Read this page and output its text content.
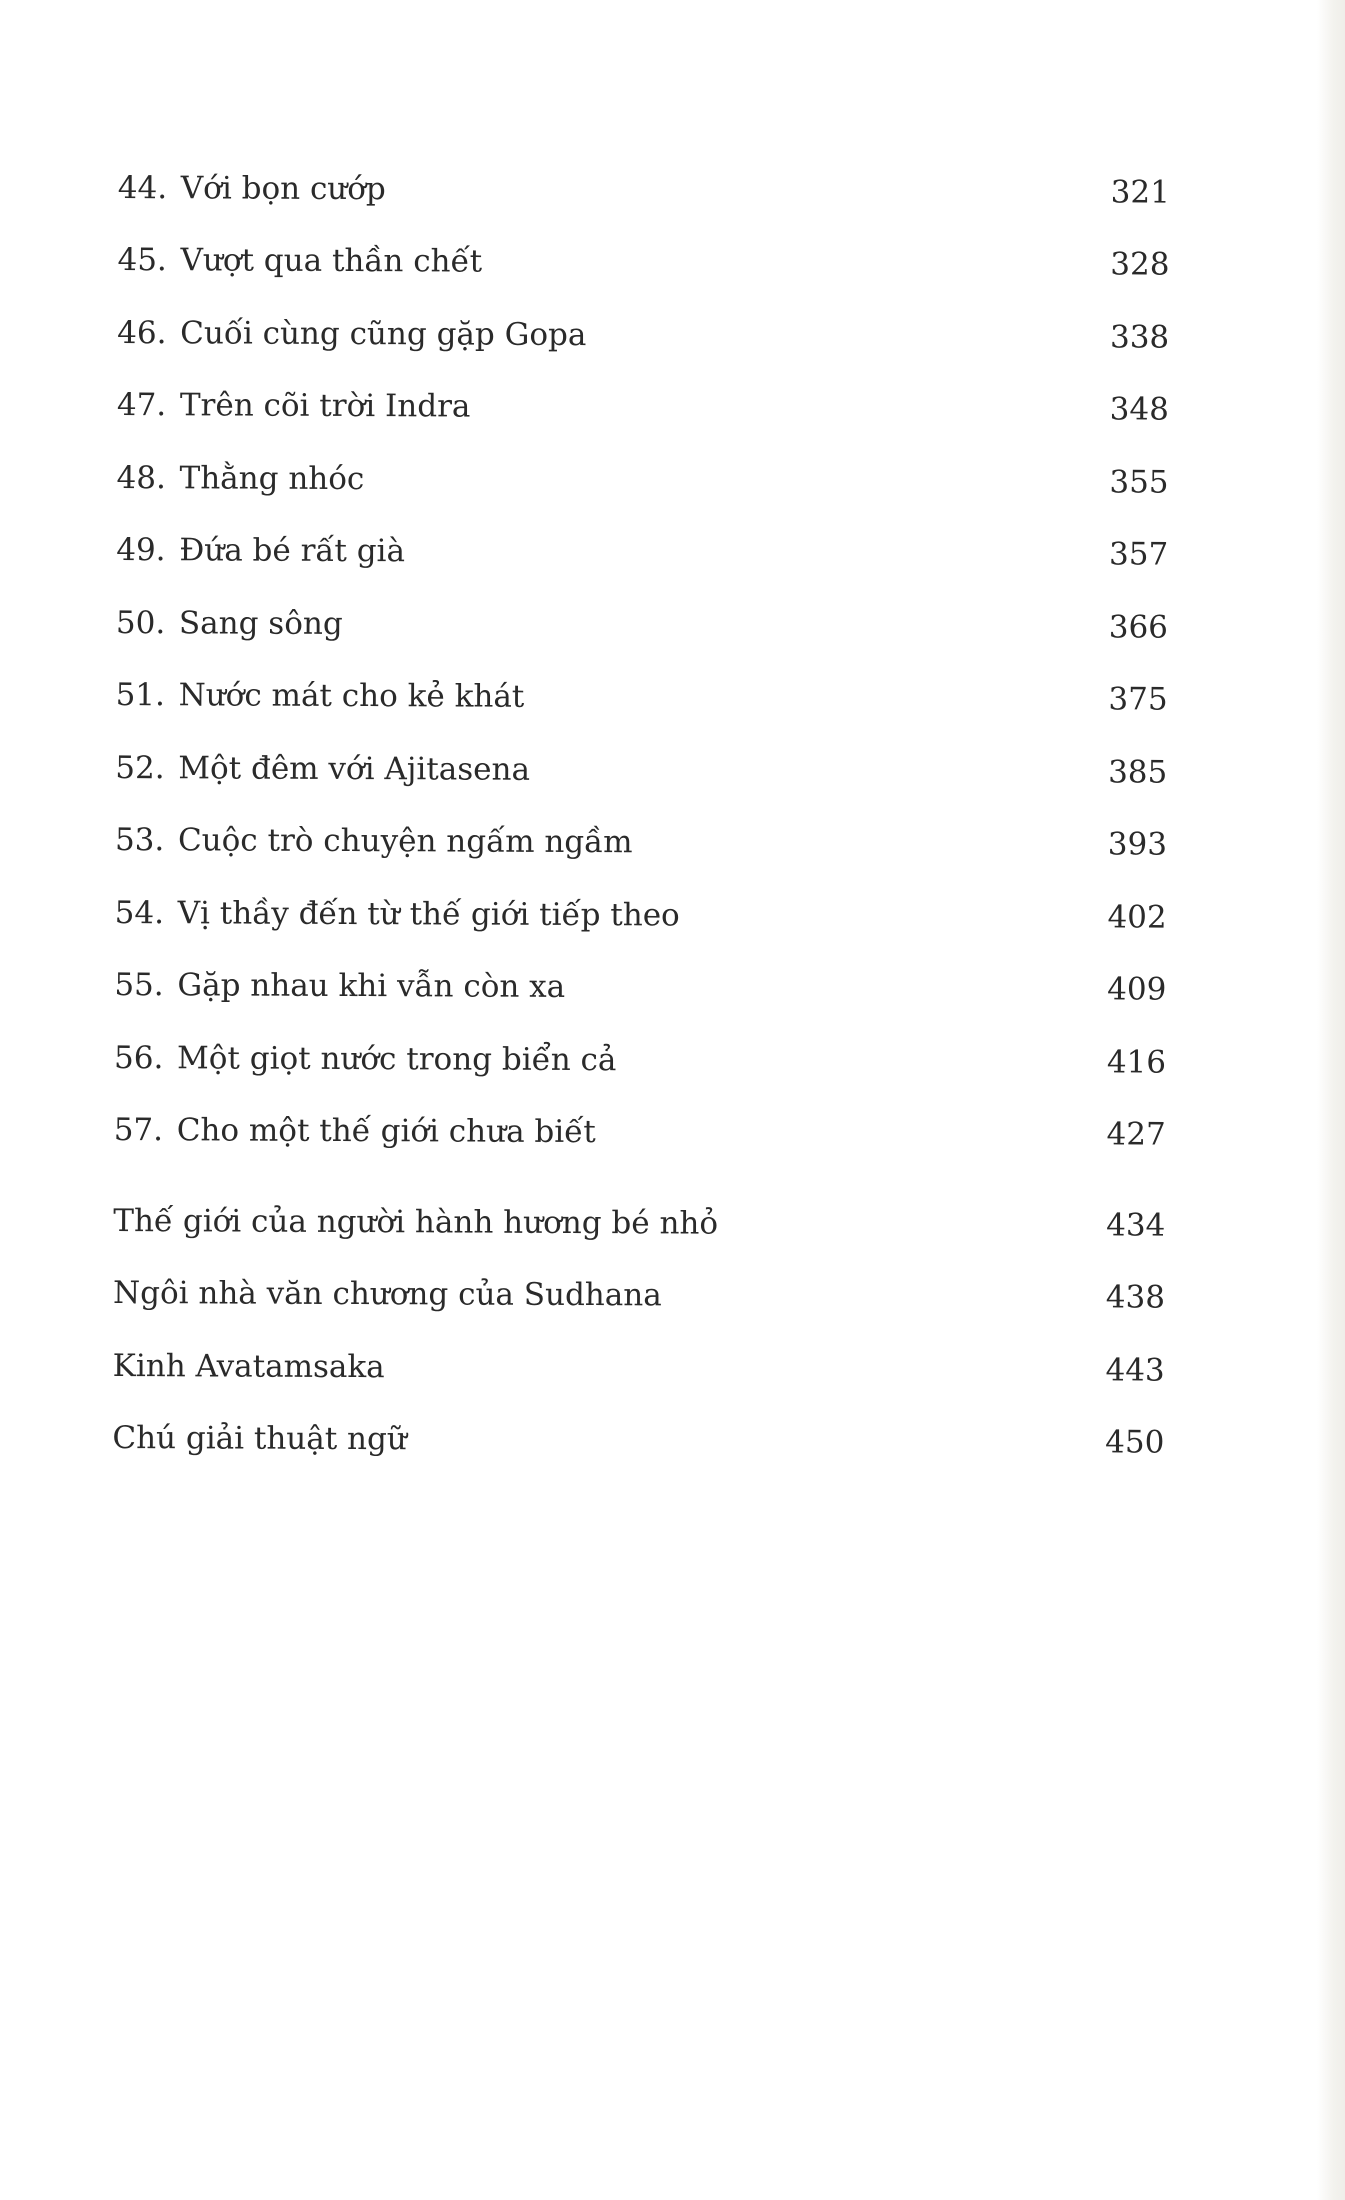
44. Với bọn cướp	321
45. Vượt qua thần chết	328
46. Cuối cùng cũng gặp Gopa	338
47. Trên cõi trời Indra	348
48. Thằng nhóc	355
49. Đứa bé rất già	357
50. Sang sông	366
51. Nước mát cho kẻ khát	375
52. Một đêm với Ajitasena	385
53. Cuộc trò chuyện ngấm ngầm	393
54. Vị thầy đến từ thế giới tiếp theo	402
55. Gặp nhau khi vẫn còn xa	409
56. Một giọt nước trong biển cả	416
57. Cho một thế giới chưa biết	427
Thế giới của người hành hương bé nhỏ	434
Ngôi nhà văn chương của Sudhana	438
Kinh Avatamsaka	443
Chú giải thuật ngữ	450
